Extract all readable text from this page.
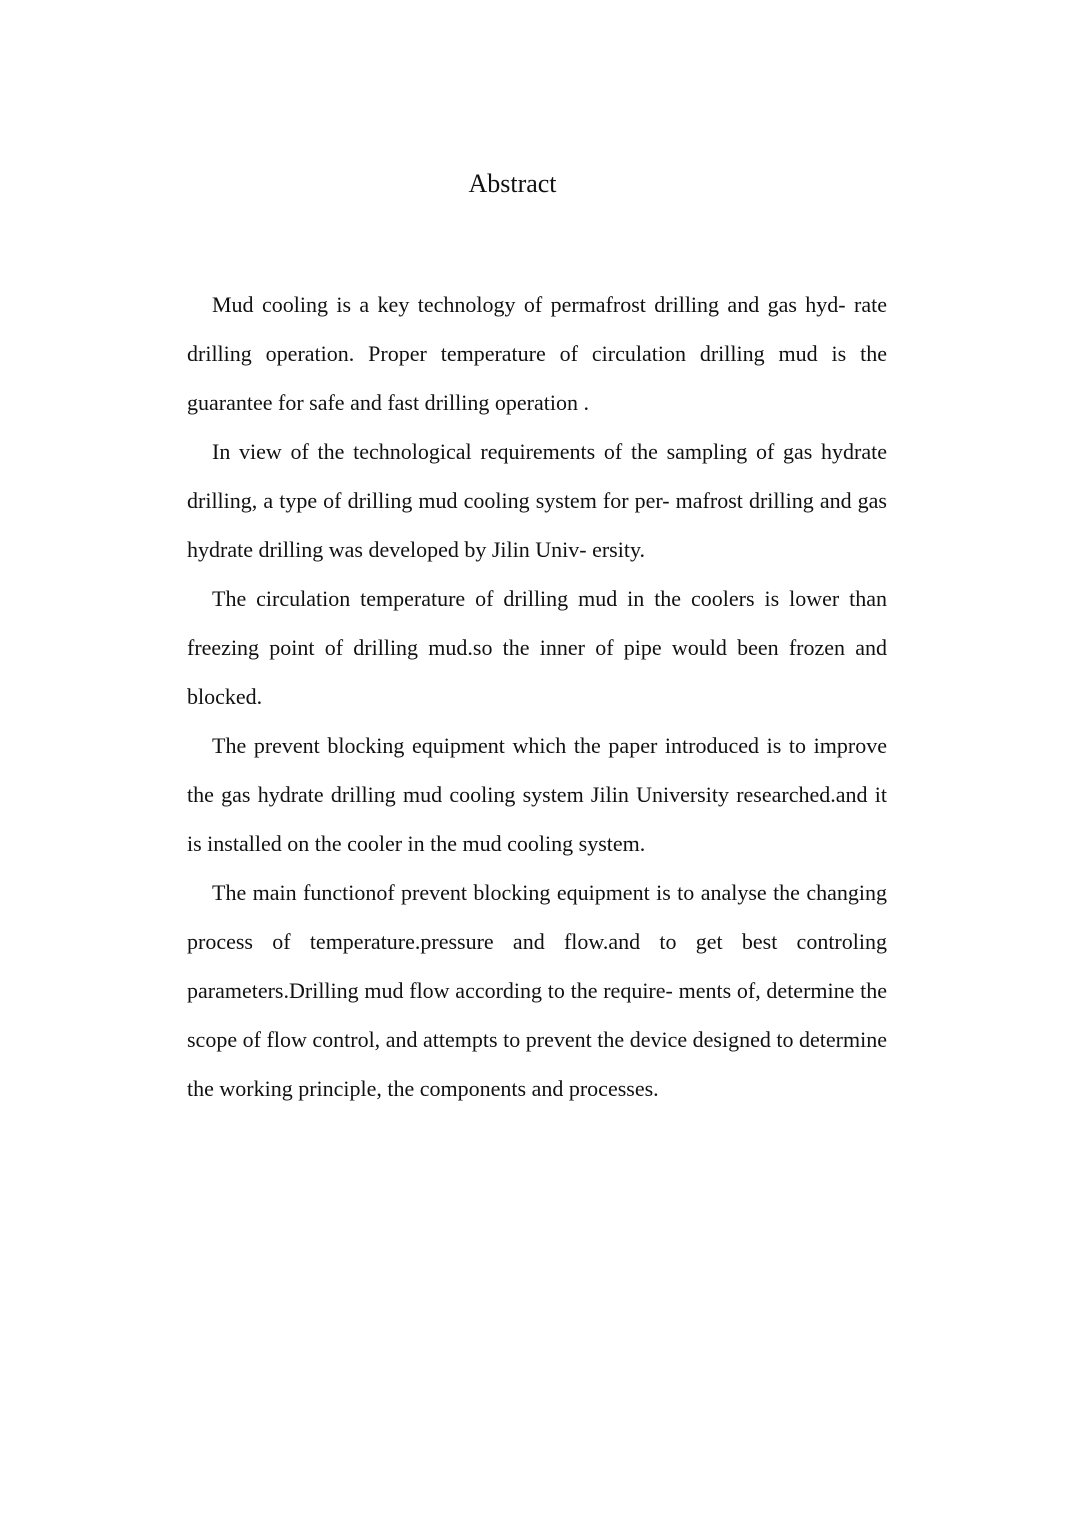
Abstract

Mud cooling is a key technology of permafrost drilling and gas hyd- rate drilling operation. Proper temperature of circulation drilling mud is the guarantee for safe and fast drilling operation .

In view of the technological requirements of the sampling of gas hydrate drilling, a type of drilling mud cooling system for per- mafrost drilling and gas hydrate drilling was developed by Jilin Univ- ersity.

The circulation temperature of drilling mud in the coolers is lower than freezing point of drilling mud.so the inner of pipe would been frozen and blocked.

The prevent blocking equipment which the paper introduced is to improve the gas hydrate drilling mud cooling system Jilin University researched.and it is installed on the cooler in the mud cooling system.

The main functionof prevent blocking equipment is to analyse the changing process of temperature.pressure and flow.and to get best controling parameters.Drilling mud flow according to the require- ments of, determine the scope of flow control, and attempts to prevent the device designed to determine the working principle, the components and processes.
